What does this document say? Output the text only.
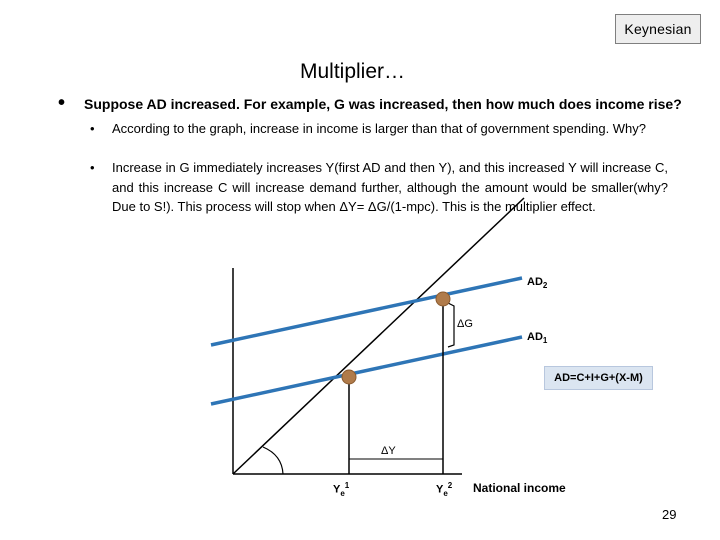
Keynesian
Multiplier…
• Suppose AD increased. For example, G was increased, then how much does income rise?
• According to the graph, increase in income is larger than that of government spending. Why?
• Increase in G immediately increases Y(first AD and then Y), and this increased Y will increase C, and this increase C will increase demand further, although the amount would be smaller(why? Due to S!). This process will stop when ΔY= ΔG/(1-mpc). This is the multiplier effect.
$AD_2$
$AD_1$
ΔG
ΔY
AD=C+I+G+(X-M)
$Y_e^1$	$Y_e^2$ National income
29
